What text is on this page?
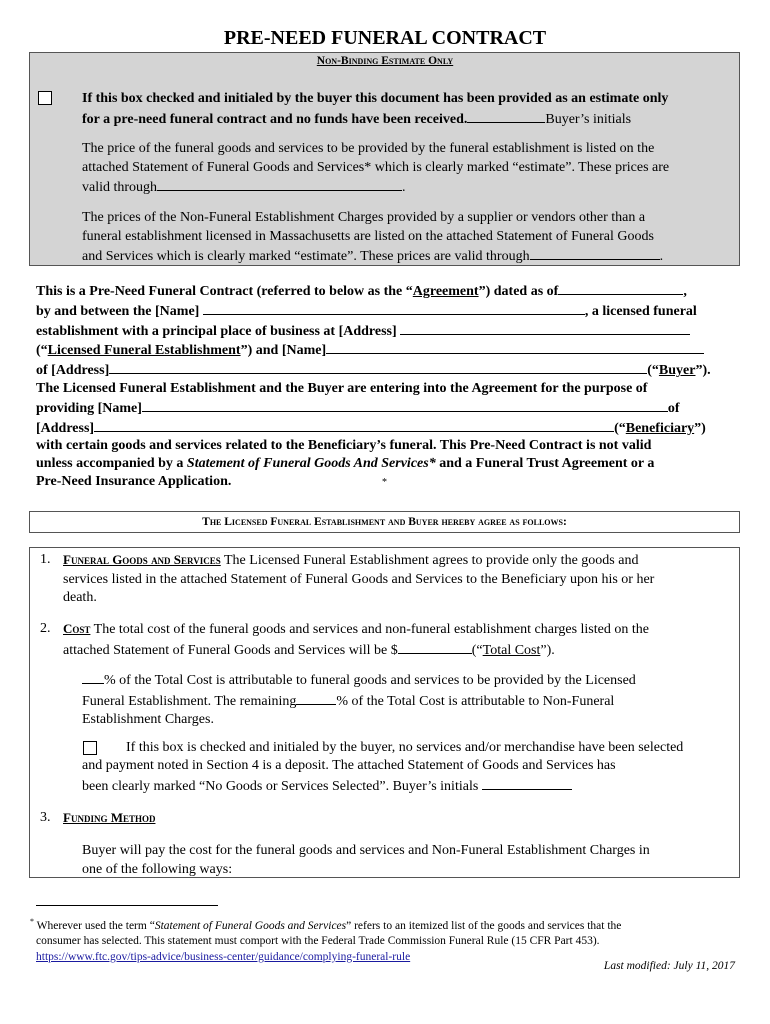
PRE-NEED FUNERAL CONTRACT
Non-Binding Estimate Only
If this box checked and initialed by the buyer this document has been provided as an estimate only
for a pre-need funeral contract and no funds have been received.	Buyer’s initials
The price of the funeral goods and services to be provided by the funeral establishment is listed on the
attached Statement of Funeral Goods and Services* which is clearly marked “estimate”. These prices are
valid through	.
The prices of the Non-Funeral Establishment Charges provided by a supplier or vendors other than a
funeral establishment licensed in Massachusetts are listed on the attached Statement of Funeral Goods
and Services which is clearly marked “estimate”. These prices are valid through	.
This is a Pre-Need Funeral Contract (referred to below as the “Agreement”) dated as of	,
by and between the [Name]	, a licensed funeral
establishment with a principal place of business at [Address]
(“Licensed Funeral Establishment”) and [Name]
of [Address]	(“Buyer”).
The Licensed Funeral Establishment and the Buyer are entering into the Agreement for the purpose of
providing [Name]	of
[Address]	(“Beneficiary”)
with certain goods and services related to the Beneficiary’s funeral. This Pre-Need Contract is not valid
unless accompanied by a Statement of Funeral Goods And Services* and a Funeral Trust Agreement or a
Pre-Need Insurance Application.	*
The Licensed Funeral Establishment and Buyer hereby agree as follows:
1. Funeral Goods and Services The Licensed Funeral Establishment agrees to provide only the goods and
services listed in the attached Statement of Funeral Goods and Services to the Beneficiary upon his or her
death.
2. Cost The total cost of the funeral goods and services and non-funeral establishment charges listed on the
attached Statement of Funeral Goods and Services will be $	(“Total Cost”).
% of the Total Cost is attributable to funeral goods and services to be provided by the Licensed
Funeral Establishment. The remaining	% of the Total Cost is attributable to Non-Funeral
Establishment Charges.
If this box is checked and initialed by the buyer, no services and/or merchandise have been selected
and payment noted in Section 4 is a deposit. The attached Statement of Goods and Services has
been clearly marked “No Goods or Services Selected”. Buyer’s initials
3. Funding Method
Buyer will pay the cost for the funeral goods and services and Non-Funeral Establishment Charges in
one of the following ways:
* Wherever used the term “Statement of Funeral Goods and Services” refers to an itemized list of the goods and services that the
consumer has selected. This statement must comport with the Federal Trade Commission Funeral Rule (15 CFR Part 453).
https://www.ftc.gov/tips-advice/business-center/guidance/complying-funeral-rule
Last modified: July 11, 2017
